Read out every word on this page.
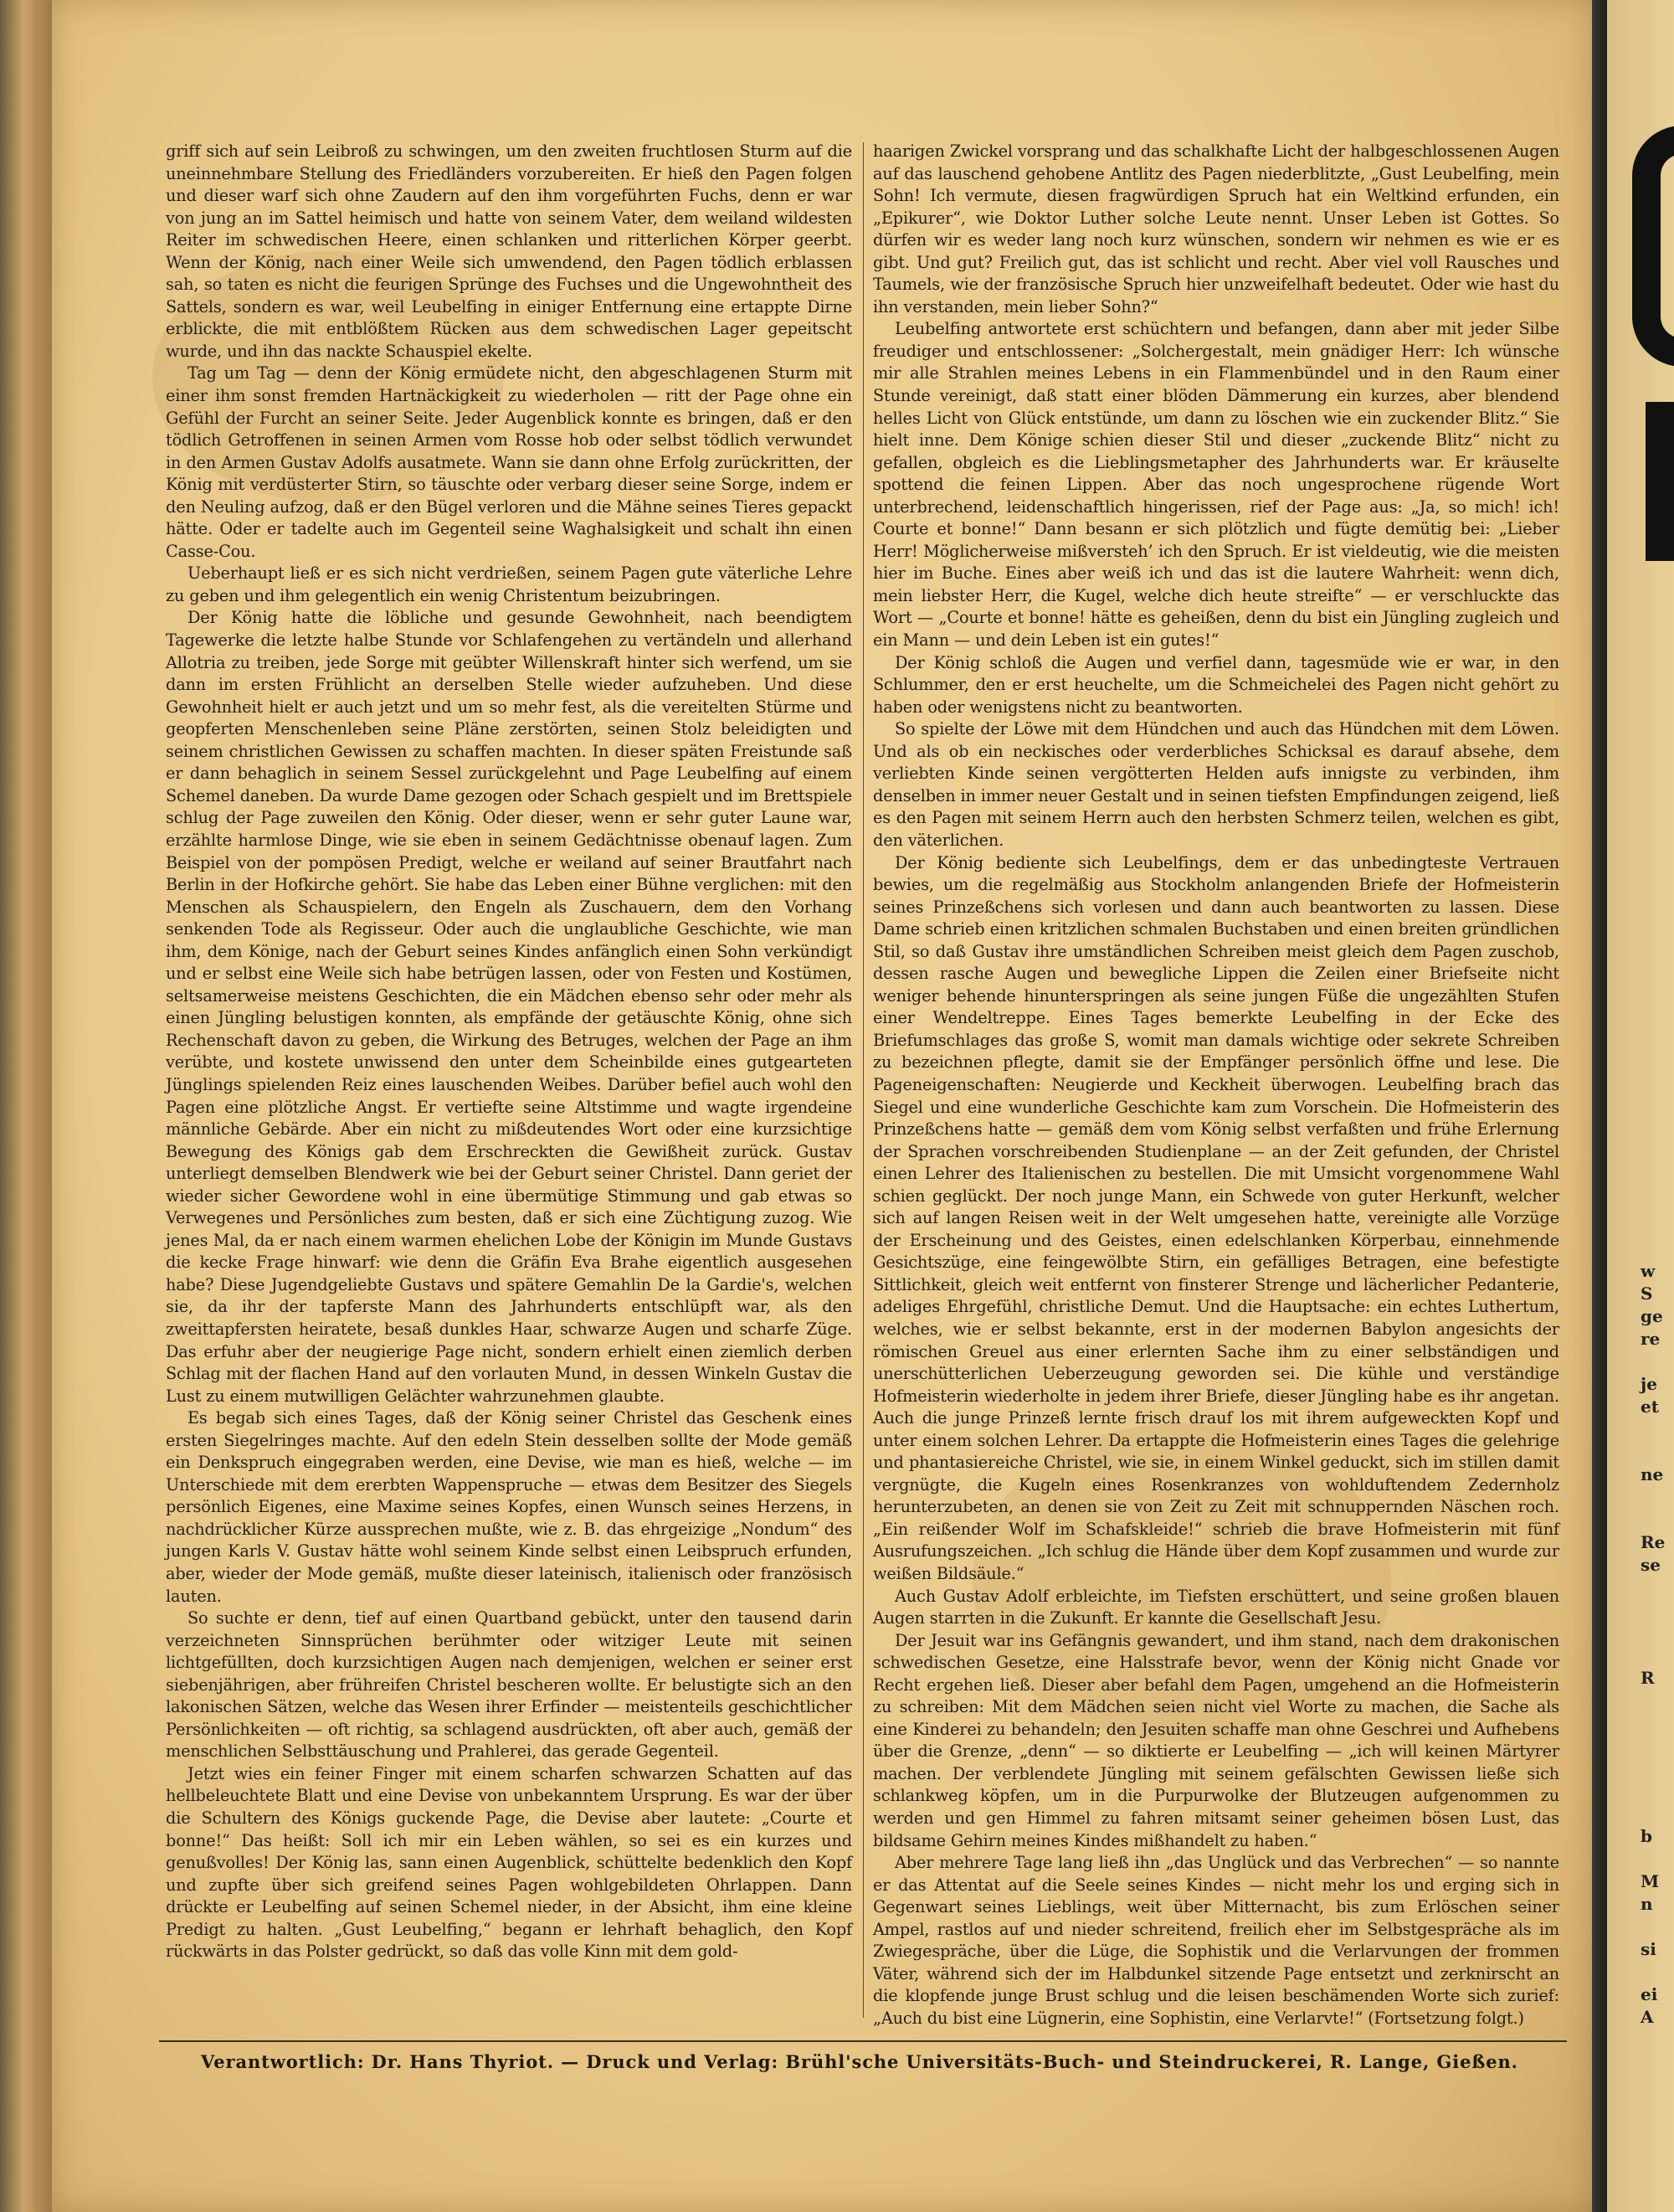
griff sich auf sein Leibroß zu schwingen, um den zweiten fruchtlosen Sturm auf die uneinnehmbare Stellung des Friedländers vorzubereiten. Er hieß den Pagen folgen und dieser warf sich ohne Zaudern auf den ihm vorgeführten Fuchs, denn er war von jung an im Sattel heimisch und hatte von seinem Vater, dem weiland wildesten Reiter im schwedischen Heere, einen schlanken und ritterlichen Körper geerbt. Wenn der König, nach einer Weile sich umwendend, den Pagen tödlich erblassen sah, so taten es nicht die feurigen Sprünge des Fuchses und die Ungewohntheit des Sattels, sondern es war, weil Leubelfing in einiger Entfernung eine ertappte Dirne erblickte, die mit entblößtem Rücken aus dem schwedischen Lager gepeitscht wurde, und ihn das nackte Schauspiel ekelte.

Tag um Tag — denn der König ermüdete nicht, den abgeschlagenen Sturm mit einer ihm sonst fremden Hartnäckigkeit zu wiederholen — ritt der Page ohne ein Gefühl der Furcht an seiner Seite. Jeder Augenblick konnte es bringen, daß er den tödlich Getroffenen in seinen Armen vom Rosse hob oder selbst tödlich verwundet in den Armen Gustav Adolfs ausatmete. Wann sie dann ohne Erfolg zurückritten, der König mit verdüsterter Stirn, so täuschte oder verbarg dieser seine Sorge, indem er den Neuling aufzog, daß er den Bügel verloren und die Mähne seines Tieres gepackt hätte. Oder er tadelte auch im Gegenteil seine Waghalsigkeit und schalt ihn einen Casse-Cou.

Ueberhaupt ließ er es sich nicht verdrießen, seinem Pagen gute väterliche Lehre zu geben und ihm gelegentlich ein wenig Christentum beizubringen.

Der König hatte die löbliche und gesunde Gewohnheit, nach beendigtem Tagewerke die letzte halbe Stunde vor Schlafengehen zu vertändeln und allerhand Allotria zu treiben, jede Sorge mit geübter Willenskraft hinter sich werfend, um sie dann im ersten Frühlicht an derselben Stelle wieder aufzuheben. Und diese Gewohnheit hielt er auch jetzt und um so mehr fest, als die vereitelten Stürme und geopferten Menschenleben seine Pläne zerstörten, seinen Stolz beleidigten und seinem christlichen Gewissen zu schaffen machten. In dieser späten Freistunde saß er dann behaglich in seinem Sessel zurückgelehnt und Page Leubelfing auf einem Schemel daneben. Da wurde Dame gezogen oder Schach gespielt und im Brettspiele schlug der Page zuweilen den König. Oder dieser, wenn er sehr guter Laune war, erzählte harmlose Dinge, wie sie eben in seinem Gedächtnisse obenauf lagen. Zum Beispiel von der pompösen Predigt, welche er weiland auf seiner Brautfahrt nach Berlin in der Hofkirche gehört. Sie habe das Leben einer Bühne verglichen: mit den Menschen als Schauspielern, den Engeln als Zuschauern, dem den Vorhang senkenden Tode als Regisseur. Oder auch die unglaubliche Geschichte, wie man ihm, dem Könige, nach der Geburt seines Kindes anfänglich einen Sohn verkündigt und er selbst eine Weile sich habe betrügen lassen, oder von Festen und Kostümen, seltsamerweise meistens Geschichten, die ein Mädchen ebenso sehr oder mehr als einen Jüngling belustigen konnten, als empfände der getäuschte König, ohne sich Rechenschaft davon zu geben, die Wirkung des Betruges, welchen der Page an ihm verübte, und kostete unwissend den unter dem Scheinbilde eines gutgearteten Jünglings spielenden Reiz eines lauschenden Weibes. Darüber befiel auch wohl den Pagen eine plötzliche Angst. Er vertiefte seine Altstimme und wagte irgendeine männliche Gebärde. Aber ein nicht zu mißdeutendes Wort oder eine kurzsichtige Bewegung des Königs gab dem Erschreckten die Gewißheit zurück. Gustav unterliegt demselben Blendwerk wie bei der Geburt seiner Christel. Dann geriet der wieder sicher Gewordene wohl in eine übermütige Stimmung und gab etwas so Verwegenes und Persönliches zum besten, daß er sich eine Züchtigung zuzog. Wie jenes Mal, da er nach einem warmen ehelichen Lobe der Königin im Munde Gustavs die kecke Frage hinwarf: wie denn die Gräfin Eva Brahe eigentlich ausgesehen habe? Diese Jugendgeliebte Gustavs und spätere Gemahlin De la Gardie's, welchen sie, da ihr der tapferste Mann des Jahrhunderts entschlüpft war, als den zweittapfersten heiratete, besaß dunkles Haar, schwarze Augen und scharfe Züge. Das erfuhr aber der neugierige Page nicht, sondern erhielt einen ziemlich derben Schlag mit der flachen Hand auf den vorlauten Mund, in dessen Winkeln Gustav die Lust zu einem mutwilligen Gelächter wahrzunehmen glaubte.

Es begab sich eines Tages, daß der König seiner Christel das Geschenk eines ersten Siegelringes machte. Auf den edeln Stein desselben sollte der Mode gemäß ein Denkspruch eingegraben werden, eine Devise, wie man es hieß, welche — im Unterschiede mit dem ererbten Wappenspruche — etwas dem Besitzer des Siegels persönlich Eigenes, eine Maxime seines Kopfes, einen Wunsch seines Herzens, in nachdrücklicher Kürze aussprechen mußte, wie z. B. das ehrgeizige „Nondum“ des jungen Karls V. Gustav hätte wohl seinem Kinde selbst einen Leibspruch erfunden, aber, wieder der Mode gemäß, mußte dieser lateinisch, italienisch oder französisch lauten.

So suchte er denn, tief auf einen Quartband gebückt, unter den tausend darin verzeichneten Sinnsprüchen berühmter oder witziger Leute mit seinen lichtgefüllten, doch kurzsichtigen Augen nach demjenigen, welchen er seiner erst siebenjährigen, aber frühreifen Christel bescheren wollte. Er belustigte sich an den lakonischen Sätzen, welche das Wesen ihrer Erfinder — meistenteils geschichtlicher Persönlichkeiten — oft richtig, sa schlagend ausdrückten, oft aber auch, gemäß der menschlichen Selbsttäuschung und Prahlerei, das gerade Gegenteil.

Jetzt wies ein feiner Finger mit einem scharfen schwarzen Schatten auf das hellbeleuchtete Blatt und eine Devise von unbekanntem Ursprung. Es war der über die Schultern des Königs guckende Page, die Devise aber lautete: „Courte et bonne!“ Das heißt: Soll ich mir ein Leben wählen, so sei es ein kurzes und genußvolles! Der König las, sann einen Augenblick, schüttelte bedenklich den Kopf und zupfte über sich greifend seines Pagen wohlgebildeten Ohrlappen. Dann drückte er Leubelfing auf seinen Schemel nieder, in der Absicht, ihm eine kleine Predigt zu halten. „Gust Leubelfing,“ begann er lehrhaft behaglich, den Kopf rückwärts in das Polster gedrückt, so daß das volle Kinn mit dem gold-

haarigen Zwickel vorsprang und das schalkhafte Licht der halbgeschlossenen Augen auf das lauschend gehobene Antlitz des Pagen niederblitzte, „Gust Leubelfing, mein Sohn! Ich vermute, diesen fragwürdigen Spruch hat ein Weltkind erfunden, ein „Epikurer“, wie Doktor Luther solche Leute nennt. Unser Leben ist Gottes. So dürfen wir es weder lang noch kurz wünschen, sondern wir nehmen es wie er es gibt. Und gut? Freilich gut, das ist schlicht und recht. Aber viel voll Rausches und Taumels, wie der französische Spruch hier unzweifelhaft bedeutet. Oder wie hast du ihn verstanden, mein lieber Sohn?“

Leubelfing antwortete erst schüchtern und befangen, dann aber mit jeder Silbe freudiger und entschlossener: „Solchergestalt, mein gnädiger Herr: Ich wünsche mir alle Strahlen meines Lebens in ein Flammenbündel und in den Raum einer Stunde vereinigt, daß statt einer blöden Dämmerung ein kurzes, aber blendend helles Licht von Glück entstünde, um dann zu löschen wie ein zuckender Blitz.“ Sie hielt inne. Dem Könige schien dieser Stil und dieser „zuckende Blitz“ nicht zu gefallen, obgleich es die Lieblingsmetapher des Jahrhunderts war. Er kräuselte spottend die feinen Lippen. Aber das noch ungesprochene rügende Wort unterbrechend, leidenschaftlich hingerissen, rief der Page aus: „Ja, so mich! ich! Courte et bonne!“ Dann besann er sich plötzlich und fügte demütig bei: „Lieber Herr! Möglicherweise mißversteh’ ich den Spruch. Er ist vieldeutig, wie die meisten hier im Buche. Eines aber weiß ich und das ist die lautere Wahrheit: wenn dich, mein liebster Herr, die Kugel, welche dich heute streifte“ — er verschluckte das Wort — „Courte et bonne! hätte es geheißen, denn du bist ein Jüngling zugleich und ein Mann — und dein Leben ist ein gutes!“

Der König schloß die Augen und verfiel dann, tagesmüde wie er war, in den Schlummer, den er erst heuchelte, um die Schmeichelei des Pagen nicht gehört zu haben oder wenigstens nicht zu beantworten.

So spielte der Löwe mit dem Hündchen und auch das Hündchen mit dem Löwen. Und als ob ein neckisches oder verderbliches Schicksal es darauf absehe, dem verliebten Kinde seinen vergötterten Helden aufs innigste zu verbinden, ihm denselben in immer neuer Gestalt und in seinen tiefsten Empfindungen zeigend, ließ es den Pagen mit seinem Herrn auch den herbsten Schmerz teilen, welchen es gibt, den väterlichen.

Der König bediente sich Leubelfings, dem er das unbedingteste Vertrauen bewies, um die regelmäßig aus Stockholm anlangenden Briefe der Hofmeisterin seines Prinzeßchens sich vorlesen und dann auch beantworten zu lassen. Diese Dame schrieb einen kritzlichen schmalen Buchstaben und einen breiten gründlichen Stil, so daß Gustav ihre umständlichen Schreiben meist gleich dem Pagen zuschob, dessen rasche Augen und bewegliche Lippen die Zeilen einer Briefseite nicht weniger behende hinunterspringen als seine jungen Füße die ungezählten Stufen einer Wendeltreppe. Eines Tages bemerkte Leubelfing in der Ecke des Briefumschlages das große S, womit man damals wichtige oder sekrete Schreiben zu bezeichnen pflegte, damit sie der Empfänger persönlich öffne und lese. Die Pageneigenschaften: Neugierde und Keckheit überwogen. Leubelfing brach das Siegel und eine wunderliche Geschichte kam zum Vorschein. Die Hofmeisterin des Prinzeßchens hatte — gemäß dem vom König selbst verfaßten und frühe Erlernung der Sprachen vorschreibenden Studienplane — an der Zeit gefunden, der Christel einen Lehrer des Italienischen zu bestellen. Die mit Umsicht vorgenommene Wahl schien geglückt. Der noch junge Mann, ein Schwede von guter Herkunft, welcher sich auf langen Reisen weit in der Welt umgesehen hatte, vereinigte alle Vorzüge der Erscheinung und des Geistes, einen edelschlanken Körperbau, einnehmende Gesichtszüge, eine feingewölbte Stirn, ein gefälliges Betragen, eine befestigte Sittlichkeit, gleich weit entfernt von finsterer Strenge und lächerlicher Pedanterie, adeliges Ehrgefühl, christliche Demut. Und die Hauptsache: ein echtes Luthertum, welches, wie er selbst bekannte, erst in der modernen Babylon angesichts der römischen Greuel aus einer erlernten Sache ihm zu einer selbständigen und unerschütterlichen Ueberzeugung geworden sei. Die kühle und verständige Hofmeisterin wiederholte in jedem ihrer Briefe, dieser Jüngling habe es ihr angetan. Auch die junge Prinzeß lernte frisch drauf los mit ihrem aufgeweckten Kopf und unter einem solchen Lehrer. Da ertappte die Hofmeisterin eines Tages die gelehrige und phantasiereiche Christel, wie sie, in einem Winkel geduckt, sich im stillen damit vergnügte, die Kugeln eines Rosenkranzes von wohlduftendem Zedernholz herunterzubeten, an denen sie von Zeit zu Zeit mit schnuppernden Näschen roch. „Ein reißender Wolf im Schafskleide!“ schrieb die brave Hofmeisterin mit fünf Ausrufungszeichen. „Ich schlug die Hände über dem Kopf zusammen und wurde zur weißen Bildsäule.“

Auch Gustav Adolf erbleichte, im Tiefsten erschüttert, und seine großen blauen Augen starrten in die Zukunft. Er kannte die Gesellschaft Jesu.

Der Jesuit war ins Gefängnis gewandert, und ihm stand, nach dem drakonischen schwedischen Gesetze, eine Halsstrafe bevor, wenn der König nicht Gnade vor Recht ergehen ließ. Dieser aber befahl dem Pagen, umgehend an die Hofmeisterin zu schreiben: Mit dem Mädchen seien nicht viel Worte zu machen, die Sache als eine Kinderei zu behandeln; den Jesuiten schaffe man ohne Geschrei und Aufhebens über die Grenze, „denn“ — so diktierte er Leubelfing — „ich will keinen Märtyrer machen. Der verblendete Jüngling mit seinem gefälschten Gewissen ließe sich schlankweg köpfen, um in die Purpurwolke der Blutzeugen aufgenommen zu werden und gen Himmel zu fahren mitsamt seiner geheimen bösen Lust, das bildsame Gehirn meines Kindes mißhandelt zu haben.“

Aber mehrere Tage lang ließ ihn „das Unglück und das Verbrechen“ — so nannte er das Attentat auf die Seele seines Kindes — nicht mehr los und erging sich in Gegenwart seines Lieblings, weit über Mitternacht, bis zum Erlöschen seiner Ampel, rastlos auf und nieder schreitend, freilich eher im Selbstgespräche als im Zwiegespräche, über die Lüge, die Sophistik und die Verlarvungen der frommen Väter, während sich der im Halbdunkel sitzende Page entsetzt und zerknirscht an die klopfende junge Brust schlug und die leisen beschämenden Worte sich zurief: „Auch du bist eine Lügnerin, eine Sophistin, eine Verlarvte!“ (Fortsetzung folgt.)

Verantwortlich: Dr. Hans Thyriot. — Druck und Verlag: Brühl'sche Universitäts-Buch- und Steindruckerei, R. Lange, Gießen.
w
S
ge
re
je
et
ne
Re
se
R
b
M
n
si
ei
A
